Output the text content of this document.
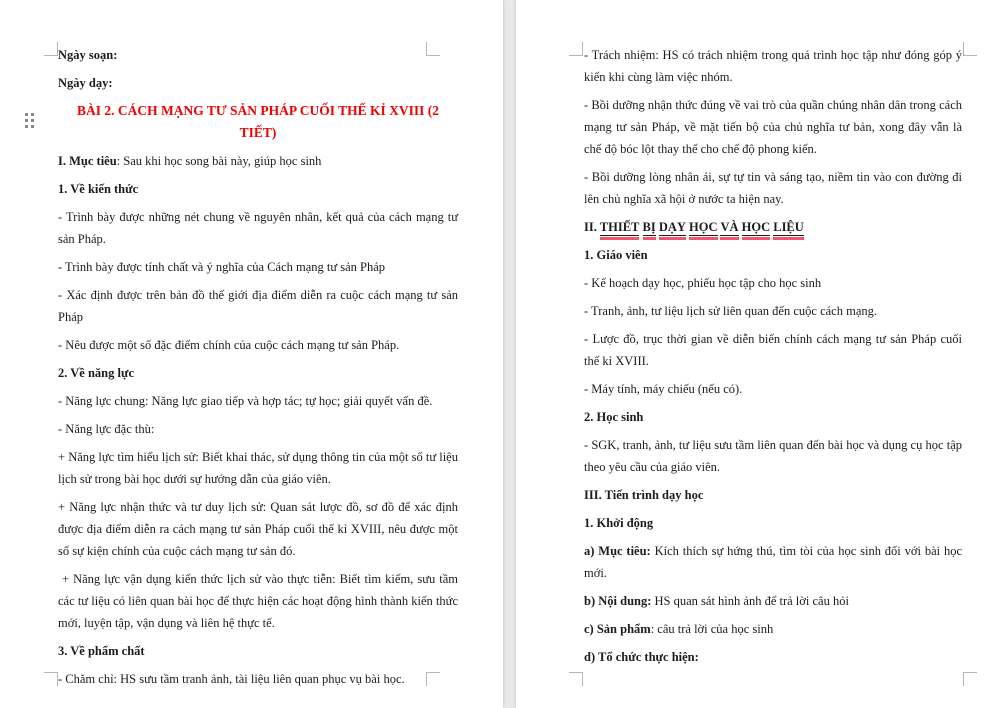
Ngày soạn:

Ngày dạy:

BÀI 2. CÁCH MẠNG TƯ SẢN PHÁP CUỐI THẾ KỈ XVIII (2 TIẾT)

I. Mục tiêu: Sau khi học song bài này, giúp học sinh

1. Về kiến thức

- Trình bày được những nét chung về nguyên nhân, kết quả của cách mạng tư sản Pháp.

- Trình bày được tính chất và ý nghĩa của Cách mạng tư sản Pháp

- Xác định được trên bản đồ thế giới địa điểm diễn ra cuộc cách mạng tư sản Pháp

- Nêu được một số đặc điểm chính của cuộc cách mạng tư sản Pháp.

2. Về năng lực

- Năng lực chung: Năng lực giao tiếp và hợp tác; tự học; giải quyết vấn đề.

- Năng lực đặc thù:

+ Năng lực tìm hiểu lịch sử: Biết khai thác, sử dụng thông tin của một số tư liệu lịch sử trong bài học dưới sự hướng dẫn của giáo viên.

+ Năng lực nhận thức và tư duy lịch sử: Quan sát lược đồ, sơ đồ để xác định được địa điểm diễn ra cách mạng tư sản Pháp cuối thế kỉ XVIII, nêu được một số sự kiện chính của cuộc cách mạng tư sản đó.

+ Năng lực vận dụng kiến thức lịch sử vào thực tiễn: Biết tìm kiếm, sưu tầm các tư liệu có liên quan bài học để thực hiện các hoạt động hình thành kiến thức mới, luyện tập, vận dụng và liên hệ thực tế.

3. Về phẩm chất

- Chăm chỉ: HS sưu tầm tranh ảnh, tài liệu liên quan phục vụ bài học.

- Trách nhiệm: HS có trách nhiệm trong quá trình học tập như đóng góp ý kiến khi cùng làm việc nhóm.

- Bồi dưỡng nhận thức đúng về vai trò của quần chúng nhân dân trong cách mạng tư sản Pháp, về mặt tiến bộ của chủ nghĩa tư bản, xong đây vẫn là chế độ bóc lột thay thế cho chế độ phong kiến.

- Bồi dưỡng lòng nhân ái, sự tự tin và sáng tạo, niềm tin vào con đường đi lên chủ nghĩa xã hội ở nước ta hiện nay.

II. THIẾT BỊ DẠY HỌC VÀ HỌC LIỆU

1. Giáo viên

- Kế hoạch dạy học, phiếu học tập cho học sinh

- Tranh, ảnh, tư liệu lịch sử liên quan đến cuộc cách mạng.

- Lược đồ, trục thời gian về diễn biến chính cách mạng tư sản Pháp cuối thế kỉ XVIII.

- Máy tính, máy chiếu (nếu có).

2. Học sinh

- SGK, tranh, ảnh, tư liệu sưu tầm liên quan đến bài học và dụng cụ học tập theo yêu cầu của giáo viên.

III. Tiến trình dạy học

1. Khởi động

a) Mục tiêu: Kích thích sự hứng thú, tìm tòi của học sinh đối với bài học mới.

b) Nội dung: HS quan sát hình ảnh để trả lời câu hỏi

c) Sản phẩm: câu trả lời của học sinh

d) Tổ chức thực hiện:
